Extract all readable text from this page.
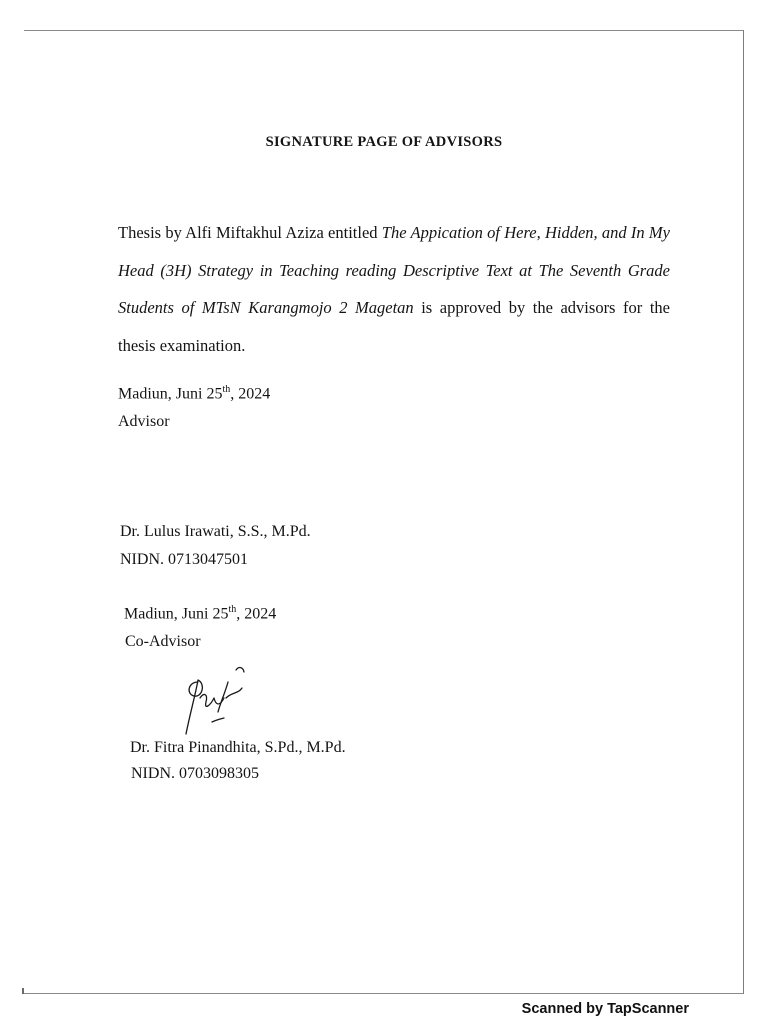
SIGNATURE PAGE OF ADVISORS
Thesis by Alfi Miftakhul Aziza entitled The Appication of Here, Hidden, and In My Head (3H) Strategy in Teaching reading Descriptive Text at The Seventh Grade Students of MTsN Karangmojo 2 Magetan is approved by the advisors for the thesis examination.
Madiun, Juni 25th, 2024
Advisor
Dr. Lulus Irawati, S.S., M.Pd.
NIDN. 0713047501
Madiun, Juni 25th, 2024
Co-Advisor
Dr. Fitra Pinandhita, S.Pd., M.Pd.
NIDN. 0703098305
Scanned by TapScanner
